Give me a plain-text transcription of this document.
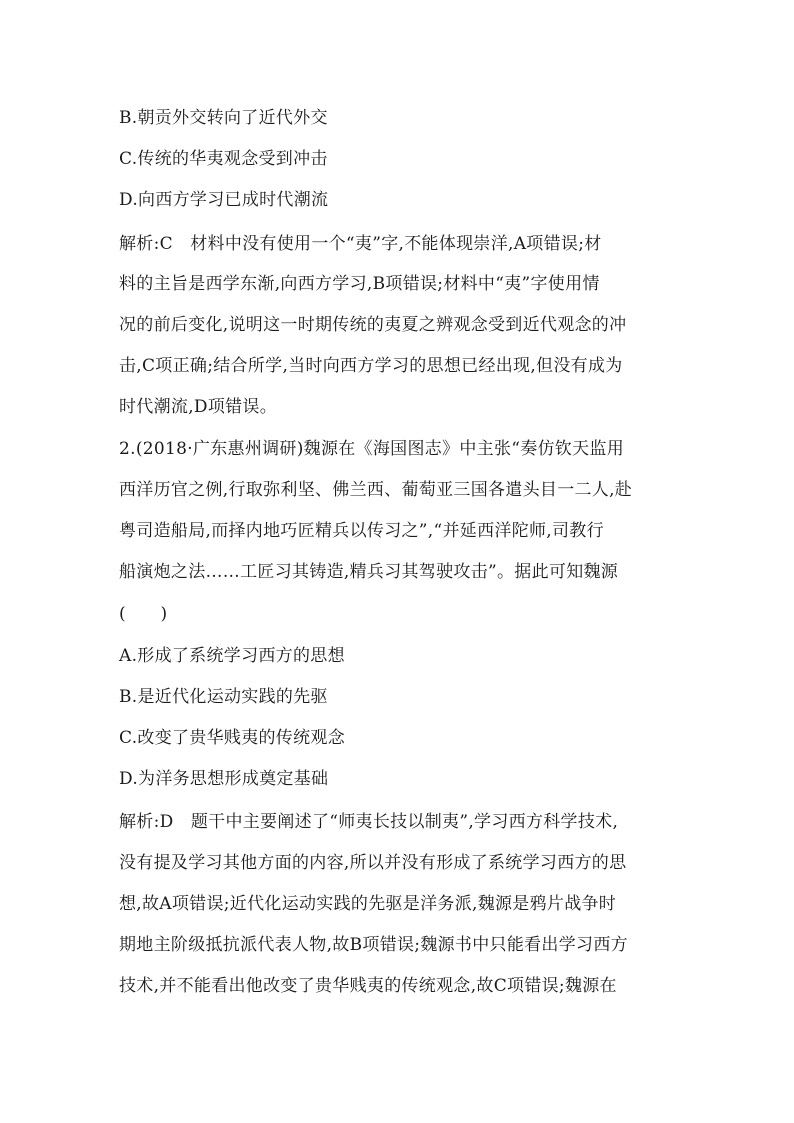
B.朝贡外交转向了近代外交
C.传统的华夷观念受到冲击
D.向西方学习已成时代潮流
解析:C　材料中没有使用一个“夷”字,不能体现崇洋,A项错误;材
料的主旨是西学东渐,向西方学习,B项错误;材料中“夷”字使用情
况的前后变化,说明这一时期传统的夷夏之辨观念受到近代观念的冲
击,C项正确;结合所学,当时向西方学习的思想已经出现,但没有成为
时代潮流,D项错误。
2.(2018·广东惠州调研)魏源在《海国图志》中主张“奏仿钦天监用
西洋历官之例,行取弥利坚、佛兰西、葡萄亚三国各遣头目一二人,赴
粤司造船局,而择内地巧匠精兵以传习之”,“并延西洋陀师,司教行
船演炮之法……工匠习其铸造,精兵习其驾驶攻击”。据此可知魏源
(　　)
A.形成了系统学习西方的思想
B.是近代化运动实践的先驱
C.改变了贵华贱夷的传统观念
D.为洋务思想形成奠定基础
解析:D　题干中主要阐述了“师夷长技以制夷”,学习西方科学技术,
没有提及学习其他方面的内容,所以并没有形成了系统学习西方的思
想,故A项错误;近代化运动实践的先驱是洋务派,魏源是鸦片战争时
期地主阶级抵抗派代表人物,故B项错误;魏源书中只能看出学习西方
技术,并不能看出他改变了贵华贱夷的传统观念,故C项错误;魏源在
